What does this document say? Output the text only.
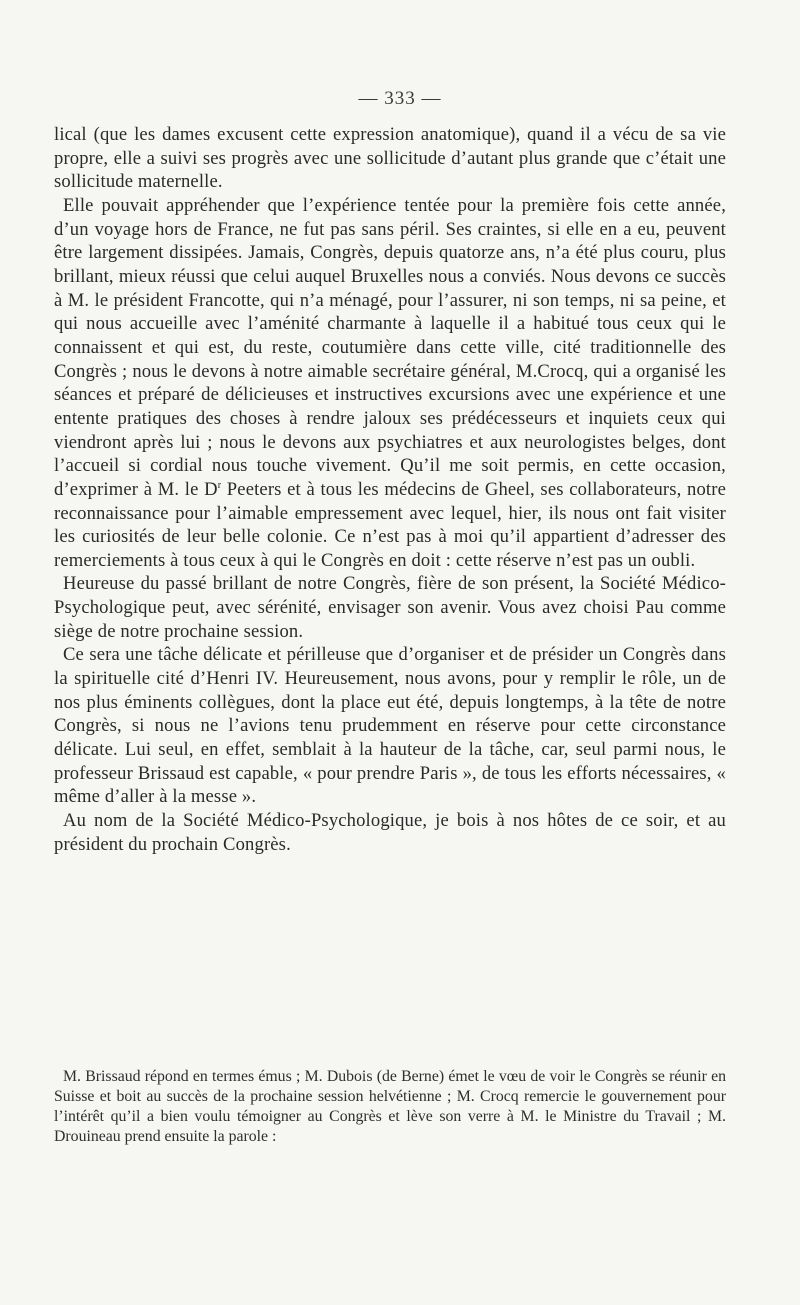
— 333 —

lical (que les dames excusent cette expression anatomique), quand il a vécu de sa vie propre, elle a suivi ses progrès avec une sollicitude d’autant plus grande que c’était une sollicitude maternelle.

Elle pouvait appréhender que l’expérience tentée pour la première fois cette année, d’un voyage hors de France, ne fut pas sans péril. Ses craintes, si elle en a eu, peuvent être largement dissipées. Jamais, Congrès, depuis quatorze ans, n’a été plus couru, plus brillant, mieux réussi que celui auquel Bruxelles nous a conviés. Nous devons ce succès à M. le président Francotte, qui n’a ménagé, pour l’assurer, ni son temps, ni sa peine, et qui nous accueille avec l’aménité charmante à laquelle il a habitué tous ceux qui le connaissent et qui est, du reste, coutumière dans cette ville, cité traditionnelle des Congrès ; nous le devons à notre aimable secrétaire général, M.Crocq, qui a organisé les séances et préparé de délicieuses et instructives excursions avec une expérience et une entente pratiques des choses à rendre jaloux ses prédécesseurs et inquiets ceux qui viendront après lui ; nous le devons aux psychiatres et aux neurologistes belges, dont l’accueil si cordial nous touche vivement. Qu’il me soit permis, en cette occasion, d’exprimer à M. le $D^r$ Peeters et à tous les médecins de Gheel, ses collaborateurs, notre reconnaissance pour l’aimable empressement avec lequel, hier, ils nous ont fait visiter les curiosités de leur belle colonie. Ce n’est pas à moi qu’il appartient d’adresser des remerciements à tous ceux à qui le Congrès en doit : cette réserve n’est pas un oubli.

Heureuse du passé brillant de notre Congrès, fière de son présent, la Société Médico-Psychologique peut, avec sérénité, envisager son avenir. Vous avez choisi Pau comme siège de notre prochaine session.

Ce sera une tâche délicate et périlleuse que d’organiser et de présider un Congrès dans la spirituelle cité d’Henri IV. Heureusement, nous avons, pour y remplir le rôle, un de nos plus éminents collègues, dont la place eut été, depuis longtemps, à la tête de notre Congrès, si nous ne l’avions tenu prudemment en réserve pour cette circonstance délicate. Lui seul, en effet, semblait à la hauteur de la tâche, car, seul parmi nous, le professeur Brissaud est capable, « pour prendre Paris », de tous les efforts nécessaires, « même d’aller à la messe ».

Au nom de la Société Médico-Psychologique, je bois à nos hôtes de ce soir, et au président du prochain Congrès.

M. Brissaud répond en termes émus ; M. Dubois (de Berne) émet le vœu de voir le Congrès se réunir en Suisse et boit au succès de la prochaine session helvétienne ; M. Crocq remercie le gouvernement pour l’intérêt qu’il a bien voulu témoigner au Congrès et lève son verre à M. le Ministre du Travail ; M. Drouineau prend ensuite la parole :
